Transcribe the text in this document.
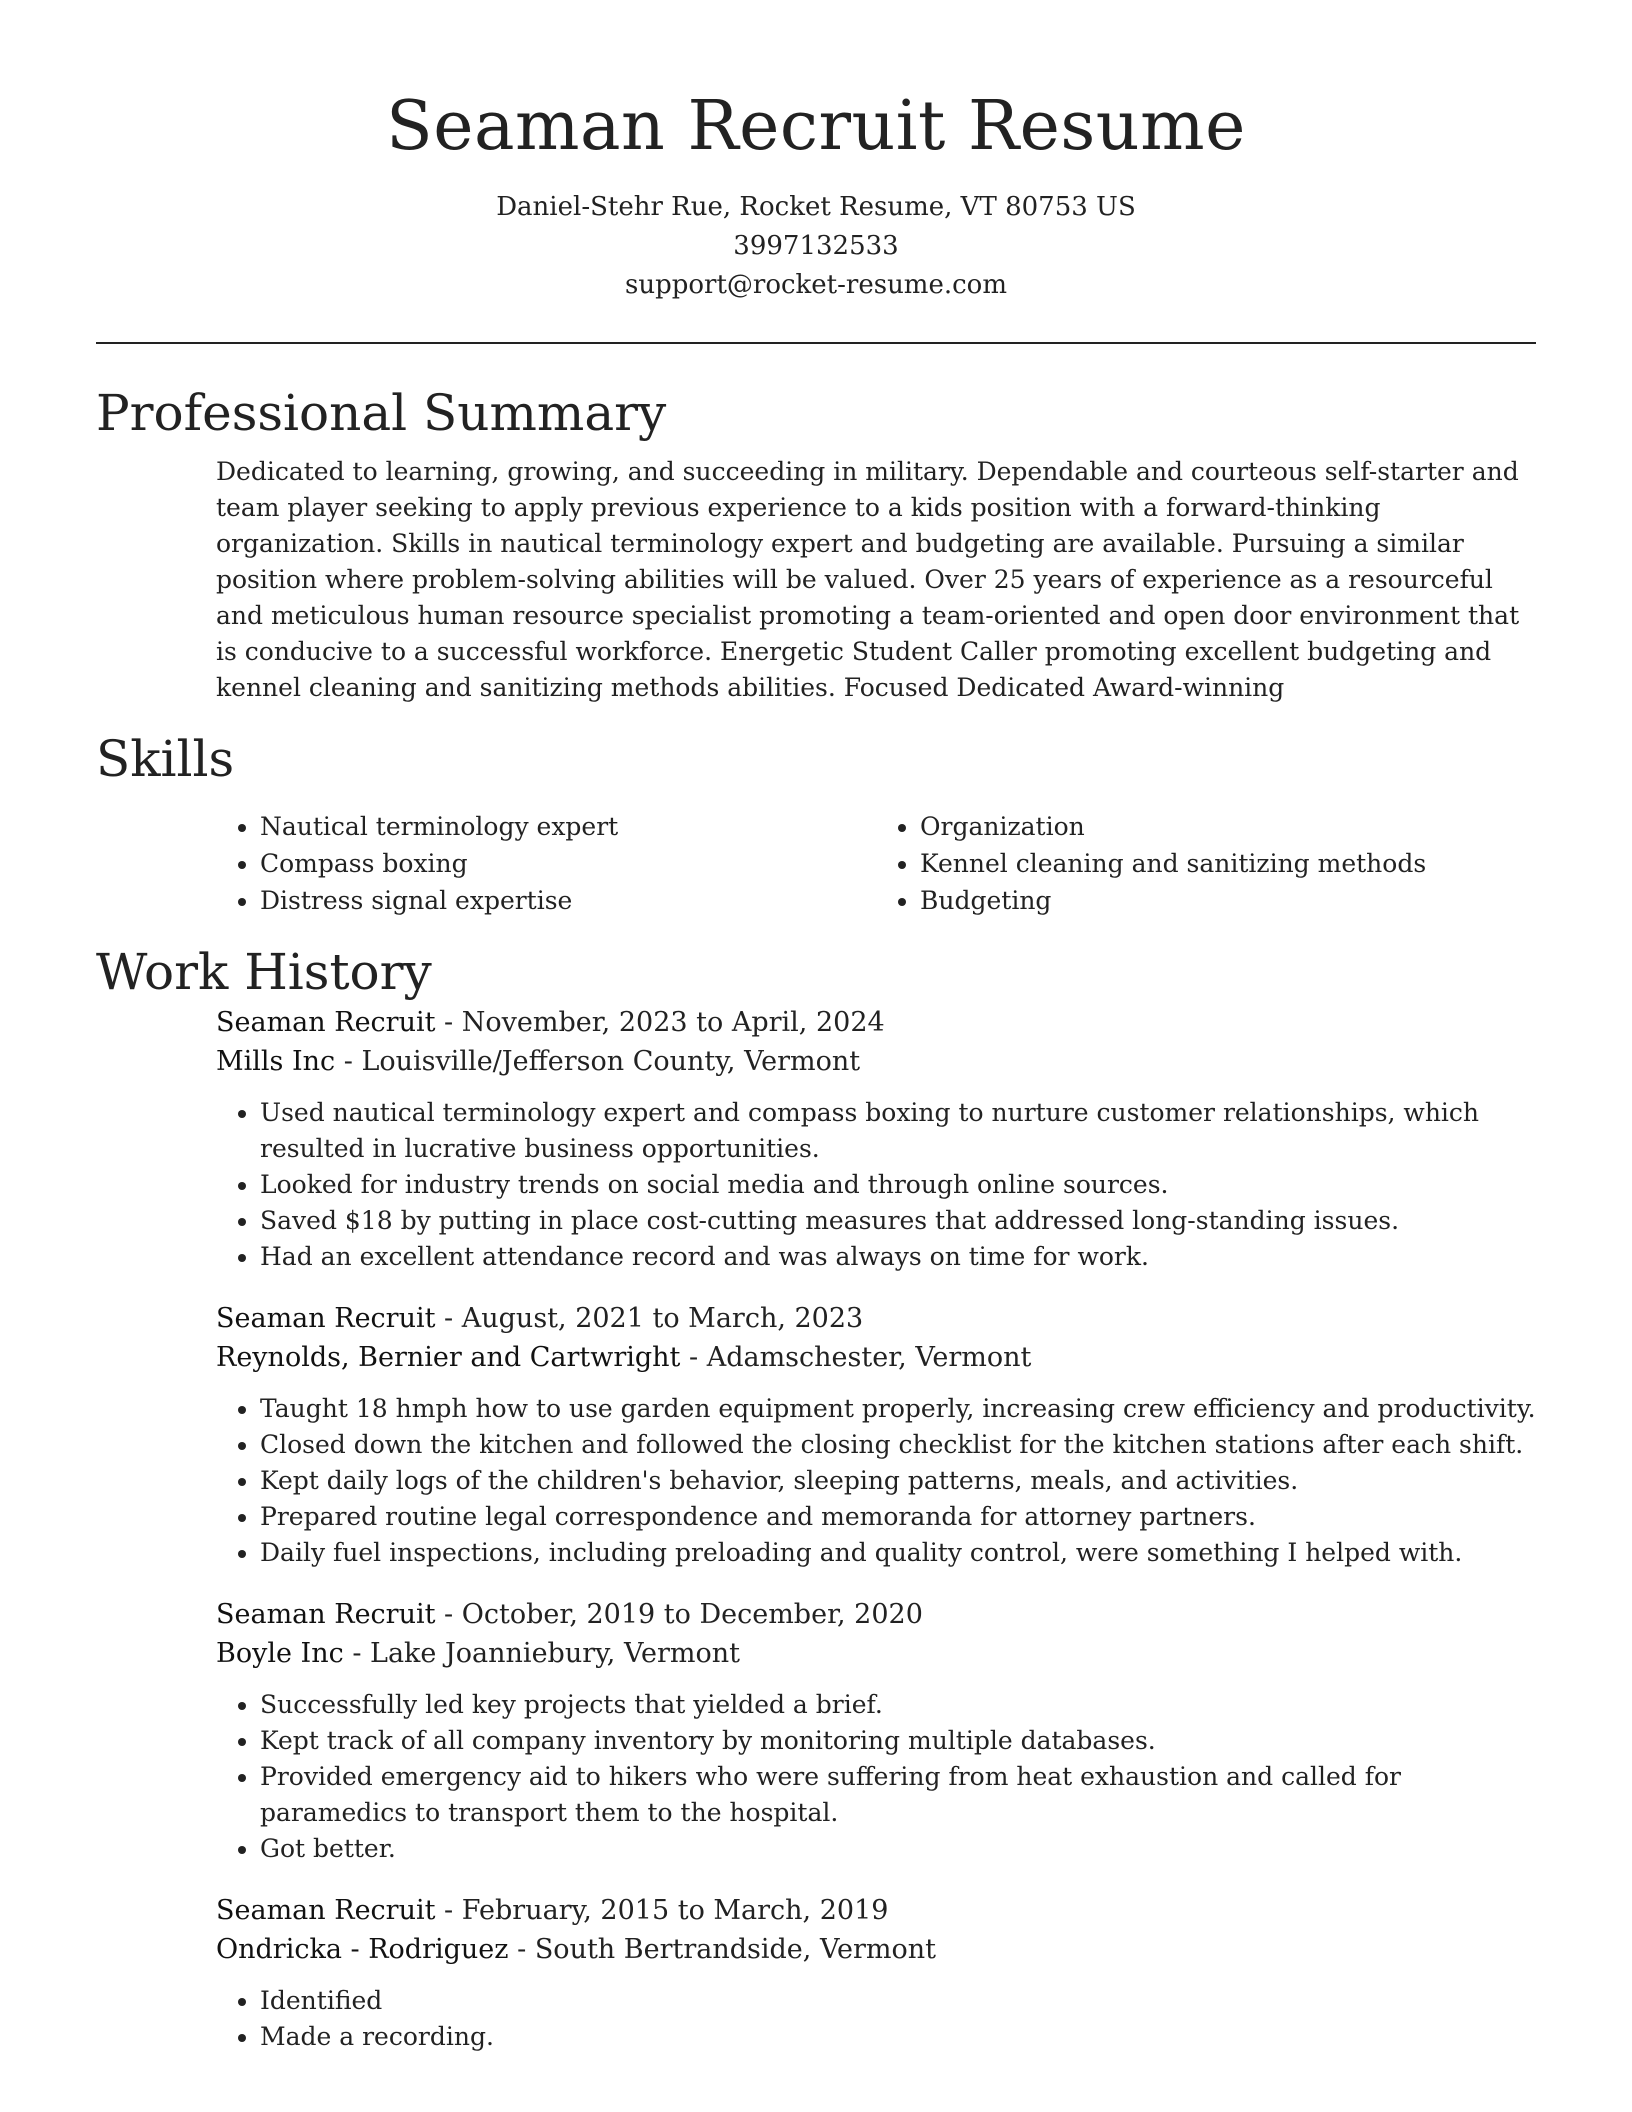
Seaman Recruit Resume
Daniel-Stehr Rue, Rocket Resume, VT 80753 US
3997132533
support@rocket-resume.com
Professional Summary
Dedicated to learning, growing, and succeeding in military. Dependable and courteous self-starter and team player seeking to apply previous experience to a kids position with a forward-thinking organization. Skills in nautical terminology expert and budgeting are available. Pursuing a similar position where problem-solving abilities will be valued. Over 25 years of experience as a resourceful and meticulous human resource specialist promoting a team-oriented and open door environment that is conducive to a successful workforce. Energetic Student Caller promoting excellent budgeting and kennel cleaning and sanitizing methods abilities. Focused Dedicated Award-winning
Skills
• Nautical terminology expert
• Compass boxing
• Distress signal expertise
• Organization
• Kennel cleaning and sanitizing methods
• Budgeting
Work History
Seaman Recruit - November, 2023 to April, 2024
Mills Inc - Louisville/Jefferson County, Vermont
• Used nautical terminology expert and compass boxing to nurture customer relationships, which resulted in lucrative business opportunities.
• Looked for industry trends on social media and through online sources.
• Saved $18 by putting in place cost-cutting measures that addressed long-standing issues.
• Had an excellent attendance record and was always on time for work.
Seaman Recruit - August, 2021 to March, 2023
Reynolds, Bernier and Cartwright - Adamschester, Vermont
• Taught 18 hmph how to use garden equipment properly, increasing crew efficiency and productivity.
• Closed down the kitchen and followed the closing checklist for the kitchen stations after each shift.
• Kept daily logs of the children's behavior, sleeping patterns, meals, and activities.
• Prepared routine legal correspondence and memoranda for attorney partners.
• Daily fuel inspections, including preloading and quality control, were something I helped with.
Seaman Recruit - October, 2019 to December, 2020
Boyle Inc - Lake Joanniebury, Vermont
• Successfully led key projects that yielded a brief.
• Kept track of all company inventory by monitoring multiple databases.
• Provided emergency aid to hikers who were suffering from heat exhaustion and called for paramedics to transport them to the hospital.
• Got better.
Seaman Recruit - February, 2015 to March, 2019
Ondricka - Rodriguez - South Bertrandside, Vermont
• Identified
• Made a recording.
